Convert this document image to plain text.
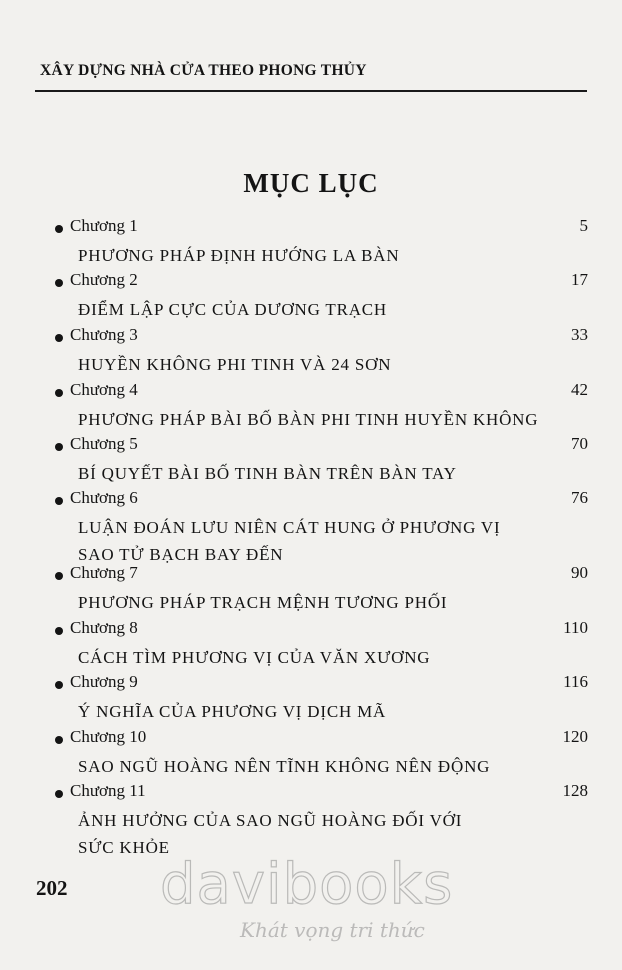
XÂY DỰNG NHÀ CỬA THEO PHONG THỦY
MỤC LỤC
Chương 1	5
PHƯƠNG PHÁP ĐỊNH HƯỚNG LA BÀN
Chương 2	17
ĐIỂM LẬP CỰC CỦA DƯƠNG TRẠCH
Chương 3	33
HUYỀN KHÔNG PHI TINH VÀ 24 SƠN
Chương 4	42
PHƯƠNG PHÁP BÀI BỐ BÀN PHI TINH HUYỀN KHÔNG
Chương 5	70
BÍ QUYẾT BÀI BỐ TINH BÀN TRÊN BÀN TAY
Chương 6	76
LUẬN ĐOÁN LƯU NIÊN CÁT HUNG Ở PHƯƠNG VỊ
SAO TỬ BẠCH BAY ĐẾN
Chương 7	90
PHƯƠNG PHÁP TRẠCH MỆNH TƯƠNG PHỐI
Chương 8	110
CÁCH TÌM PHƯƠNG VỊ CỦA VĂN XƯƠNG
Chương 9	116
Ý NGHĨA CỦA PHƯƠNG VỊ DỊCH MÃ
Chương 10	120
SAO NGŨ HOÀNG NÊN TĨNH KHÔNG NÊN ĐỘNG
Chương 11	128
ẢNH HƯỞNG CỦA SAO NGŨ HOÀNG ĐỐI VỚI
SỨC KHỎE
202 davibooks
Khát vọng tri thức
